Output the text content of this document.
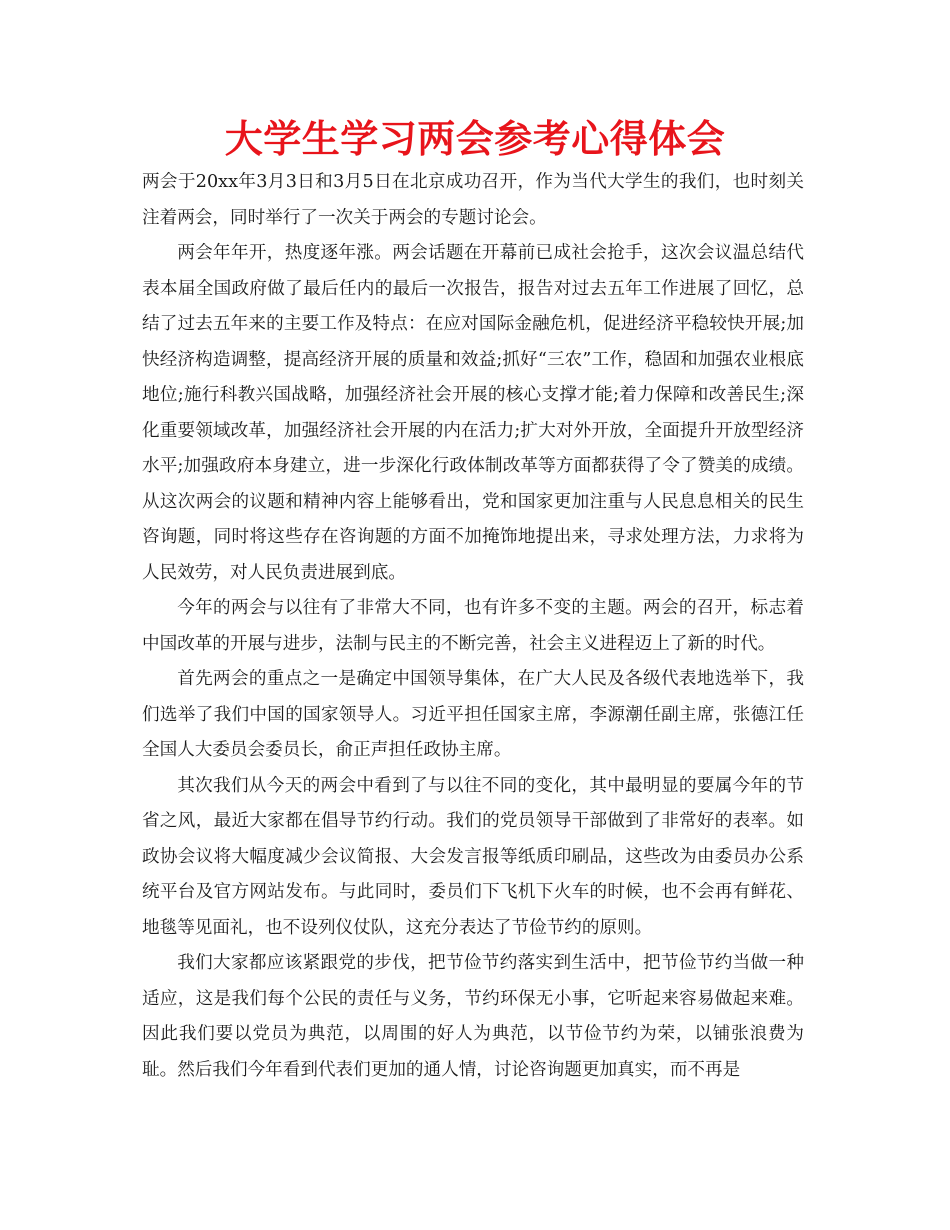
大学生学习两会参考心得体会

两会于20xx年3月3日和3月5日在北京成功召开，作为当代大学生的我们，也时刻关注着两会，同时举行了一次关于两会的专题讨论会。

两会年年开，热度逐年涨。两会话题在开幕前已成社会抢手，这次会议温总结代表本届全国政府做了最后任内的最后一次报告，报告对过去五年工作进展了回忆，总结了过去五年来的主要工作及特点：在应对国际金融危机，促进经济平稳较快开展;加快经济构造调整，提高经济开展的质量和效益;抓好“三农”工作，稳固和加强农业根底地位;施行科教兴国战略，加强经济社会开展的核心支撑才能;着力保障和改善民生;深化重要领域改革，加强经济社会开展的内在活力;扩大对外开放，全面提升开放型经济水平;加强政府本身建立，进一步深化行政体制改革等方面都获得了令了赞美的成绩。从这次两会的议题和精神内容上能够看出，党和国家更加注重与人民息息相关的民生咨询题，同时将这些存在咨询题的方面不加掩饰地提出来，寻求处理方法，力求将为人民效劳，对人民负责进展到底。

今年的两会与以往有了非常大不同，也有许多不变的主题。两会的召开，标志着中国改革的开展与进步，法制与民主的不断完善，社会主义进程迈上了新的时代。

首先两会的重点之一是确定中国领导集体，在广大人民及各级代表地选举下，我们选举了我们中国的国家领导人。习近平担任国家主席，李源潮任副主席，张德江任全国人大委员会委员长，俞正声担任政协主席。

其次我们从今天的两会中看到了与以往不同的变化，其中最明显的要属今年的节省之风，最近大家都在倡导节约行动。我们的党员领导干部做到了非常好的表率。如政协会议将大幅度减少会议简报、大会发言报等纸质印刷品，这些改为由委员办公系统平台及官方网站发布。与此同时，委员们下飞机下火车的时候，也不会再有鲜花、地毯等见面礼，也不设列仪仗队，这充分表达了节俭节约的原则。

我们大家都应该紧跟党的步伐，把节俭节约落实到生活中，把节俭节约当做一种适应，这是我们每个公民的责任与义务，节约环保无小事，它听起来容易做起来难。因此我们要以党员为典范，以周围的好人为典范，以节俭节约为荣，以铺张浪费为耻。然后我们今年看到代表们更加的通人情，讨论咨询题更加真实，而不再是
